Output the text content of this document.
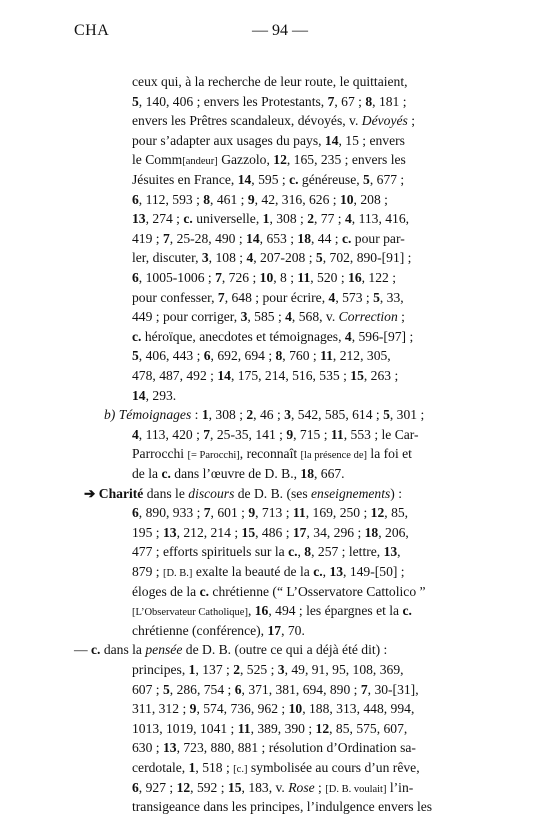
CHA	— 94 —
ceux qui, à la recherche de leur route, le quittaient,
5, 140, 406 ; envers les Protestants, 7, 67 ; 8, 181 ;
envers les Prêtres scandaleux, dévoyés, v. Dévoyés ;
pour s’adapter aux usages du pays, 14, 15 ; envers
le Comm[andeur] Gazzolo, 12, 165, 235 ; envers les
Jésuites en France, 14, 595 ; c. généreuse, 5, 677 ;
6, 112, 593 ; 8, 461 ; 9, 42, 316, 626 ; 10, 208 ;
13, 274 ; c. universelle, 1, 308 ; 2, 77 ; 4, 113, 416,
419 ; 7, 25-28, 490 ; 14, 653 ; 18, 44 ; c. pour par-
ler, discuter, 3, 108 ; 4, 207-208 ; 5, 702, 890-[91] ;
6, 1005-1006 ; 7, 726 ; 10, 8 ; 11, 520 ; 16, 122 ;
pour confesser, 7, 648 ; pour écrire, 4, 573 ; 5, 33,
449 ; pour corriger, 3, 585 ; 4, 568, v. Correction ;
c. héroïque, anecdotes et témoignages, 4, 596-[97] ;
5, 406, 443 ; 6, 692, 694 ; 8, 760 ; 11, 212, 305,
478, 487, 492 ; 14, 175, 214, 516, 535 ; 15, 263 ;
14, 293.
b) Témoignages : 1, 308 ; 2, 46 ; 3, 542, 585, 614 ; 5, 301 ;
4, 113, 420 ; 7, 25-35, 141 ; 9, 715 ; 11, 553 ; le Car-
Parrocchi [= Parocchi], reconnaît [la présence de] la foi et
de la c. dans l’œuvre de D. B., 18, 667.
➔ Charité dans le discours de D. B. (ses enseignements) :
6, 890, 933 ; 7, 601 ; 9, 713 ; 11, 169, 250 ; 12, 85,
195 ; 13, 212, 214 ; 15, 486 ; 17, 34, 296 ; 18, 206,
477 ; efforts spirituels sur la c., 8, 257 ; lettre, 13,
879 ; [D. B.] exalte la beauté de la c., 13, 149-[50] ;
éloges de la c. chrétienne (“ L’Osservatore Cattolico ”
[L’Observateur Catholique], 16, 494 ; les épargnes et la c.
chrétienne (conférence), 17, 70.
— c. dans la pensée de D. B. (outre ce qui a déjà été dit) :
principes, 1, 137 ; 2, 525 ; 3, 49, 91, 95, 108, 369,
607 ; 5, 286, 754 ; 6, 371, 381, 694, 890 ; 7, 30-[31],
311, 312 ; 9, 574, 736, 962 ; 10, 188, 313, 448, 994,
1013, 1019, 1041 ; 11, 389, 390 ; 12, 85, 575, 607,
630 ; 13, 723, 880, 881 ; résolution d’Ordination sa-
cerdotale, 1, 518 ; [c.] symbolisée au cours d’un rêve,
6, 927 ; 12, 592 ; 15, 183, v. Rose ; [D. B. voulait] l’in-
transigeance dans les principes, l’indulgence envers les
